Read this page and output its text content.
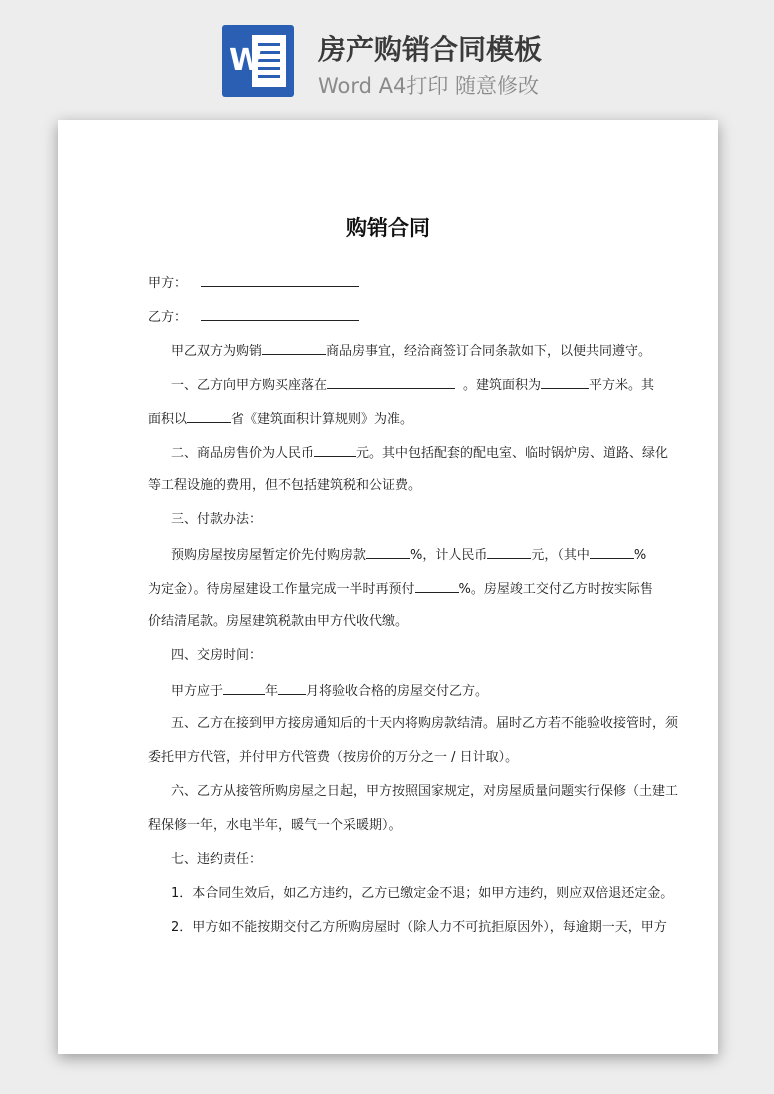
W 房产购销合同模板
Word A4打印 随意修改
购销合同
甲方：
乙方：
甲乙双方为购销	商品房事宜，经洽商签订合同条款如下，以便共同遵守。
一、乙方向甲方购买座落在	。建筑面积为	平方米。其
面积以	省《建筑面积计算规则》为准。
二、商品房售价为人民币	元。其中包括配套的配电室、临时锅炉房、道路、绿化
等工程设施的费用，但不包括建筑税和公证费。
三、付款办法：
预购房屋按房屋暂定价先付购房款	%，计人民币	元，（其中	%
为定金）。待房屋建设工作量完成一半时再预付	%。房屋竣工交付乙方时按实际售
价结清尾款。房屋建筑税款由甲方代收代缴。
四、交房时间：
甲方应于	年 月将验收合格的房屋交付乙方。
五、乙方在接到甲方接房通知后的十天内将购房款结清。届时乙方若不能验收接管时，须
委托甲方代管，并付甲方代管费（按房价的万分之一 / 日计取）。
六、乙方从接管所购房屋之日起，甲方按照国家规定，对房屋质量问题实行保修（土建工
程保修一年，水电半年，暖气一个采暖期）。
七、违约责任：
1．本合同生效后，如乙方违约，乙方已缴定金不退；如甲方违约，则应双倍退还定金。
2．甲方如不能按期交付乙方所购房屋时（除人力不可抗拒原因外），每逾期一天，甲方
